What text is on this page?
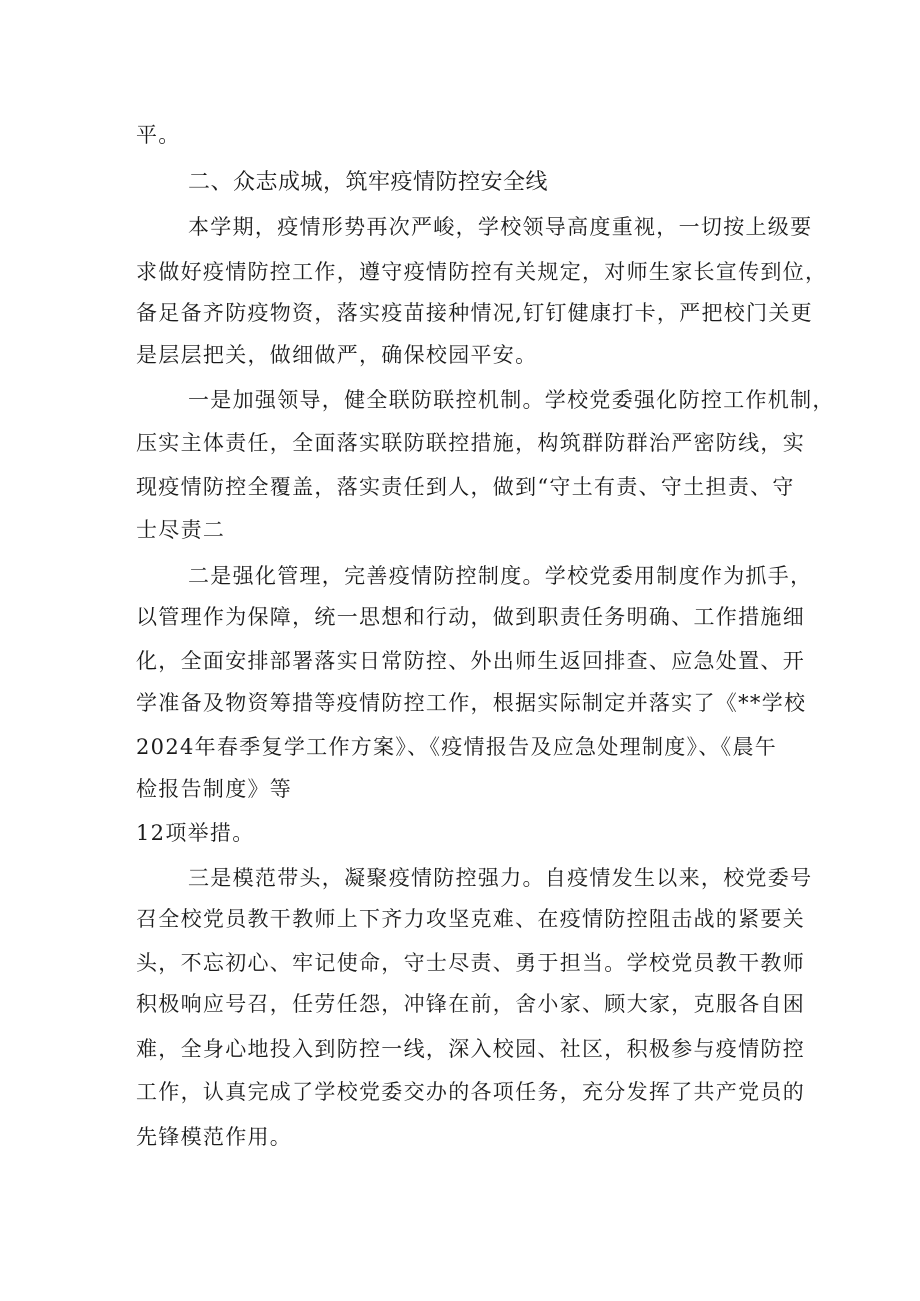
平。
二、众志成城，筑牢疫情防控安全线
本学期，疫情形势再次严峻，学校领导高度重视，一切按上级要
求做好疫情防控工作，遵守疫情防控有关规定，对师生家长宣传到位，
备足备齐防疫物资，落实疫苗接种情况,钉钉健康打卡，严把校门关更
是层层把关，做细做严，确保校园平安。
一是加强领导，健全联防联控机制。学校党委强化防控工作机制，
压实主体责任，全面落实联防联控措施，构筑群防群治严密防线，实
现疫情防控全覆盖，落实责任到人，做到“守土有责、守土担责、守
士尽责二
二是强化管理，完善疫情防控制度。学校党委用制度作为抓手，
以管理作为保障，统一思想和行动，做到职责任务明确、工作措施细
化，全面安排部署落实日常防控、外出师生返回排查、应急处置、开
学准备及物资筹措等疫情防控工作，根据实际制定并落实了《**学校
2024年春季复学工作方案》、《疫情报告及应急处理制度》、《晨午
检报告制度》等
12项举措。
三是模范带头，凝聚疫情防控强力。自疫情发生以来，校党委号
召全校党员教干教师上下齐力攻坚克难、在疫情防控阻击战的紧要关
头，不忘初心、牢记使命，守士尽责、勇于担当。学校党员教干教师
积极响应号召，任劳任怨，冲锋在前，舍小家、顾大家，克服各自困
难，全身心地投入到防控一线，深入校园、社区，积极参与疫情防控
工作，认真完成了学校党委交办的各项任务，充分发挥了共产党员的
先锋模范作用。
